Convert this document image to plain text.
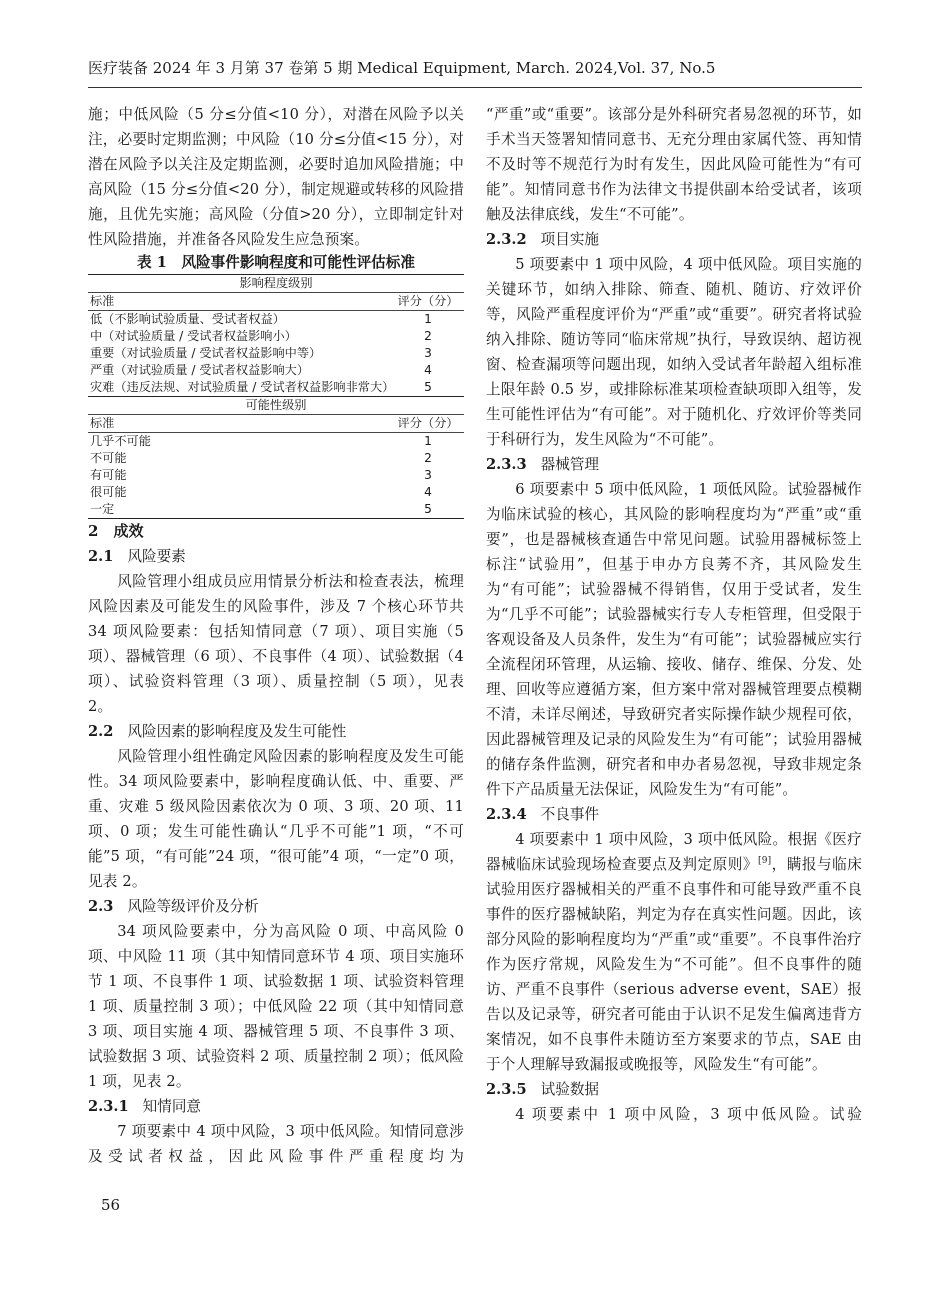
医疗装备 2024 年 3 月第 37 卷第 5 期 Medical Equipment, March. 2024,Vol. 37, No.5

施；中低风险（5 分≤分值<10 分），对潜在风险予以关注，必要时定期监测；中风险（10 分≤分值<15 分），对潜在风险予以关注及定期监测，必要时追加风险措施；中高风险（15 分≤分值<20 分），制定规避或转移的风险措施，且优先实施；高风险（分值>20 分），立即制定针对性风险措施，并准备各风险发生应急预案。

表 1　风险事件影响程度和可能性评估标准

影响程度级别	
标准	评分（分）
低（不影响试验质量、受试者权益）	1
中（对试验质量 / 受试者权益影响小）	2
重要（对试验质量 / 受试者权益影响中等）	3
严重（对试验质量 / 受试者权益影响大）	4
灾难（违反法规、对试验质量 / 受试者权益影响非常大）	5
可能性级别	
标准	评分（分）
几乎不可能	1
不可能	2
有可能	3
很可能	4
一定	5

2　 成效

2.1 风险要素

风险管理小组成员应用情景分析法和检查表法，梳理风险因素及可能发生的风险事件，涉及 7 个核心环节共 34 项风险要素：包括知情同意（7 项）、项目实施（5 项）、器械管理（6 项）、不良事件（4 项）、试验数据（4 项）、试验资料管理（3 项）、质量控制（5 项），见表 2。

2.2 风险因素的影响程度及发生可能性

风险管理小组性确定风险因素的影响程度及发生可能性。34 项风险要素中，影响程度确认低、中、重要、严重、灾难 5 级风险因素依次为 0 项、3 项、20 项、11 项、0 项；发生可能性确认“几乎不可能”1 项，“不可能”5 项，“有可能”24 项，“很可能”4 项，“一定”0 项，见表 2。

2.3 风险等级评价及分析

34 项风险要素中，分为高风险 0 项、中高风险 0 项、中风险 11 项（其中知情同意环节 4 项、项目实施环节 1 项、不良事件 1 项、试验数据 1 项、试验资料管理 1 项、质量控制 3 项）；中低风险 22 项（其中知情同意 3 项、项目实施 4 项、器械管理 5 项、不良事件 3 项、试验数据 3 项、试验资料 2 项、质量控制 2 项）；低风险 1 项，见表 2。

2.3.1 知情同意

7 项要素中 4 项中风险，3 项中低风险。知情同意涉及受试者权益，因此风险事件严重程度均为

“严重”或“重要”。该部分是外科研究者易忽视的环节，如手术当天签署知情同意书、无充分理由家属代签、再知情不及时等不规范行为时有发生，因此风险可能性为“有可能”。知情同意书作为法律文书提供副本给受试者，该项触及法律底线，发生“不可能”。

2.3.2 项目实施

5 项要素中 1 项中风险，4 项中低风险。项目实施的关键环节，如纳入排除、筛查、随机、随访、疗效评价等，风险严重程度评价为“严重”或“重要”。研究者将试验纳入排除、随访等同“临床常规”执行，导致误纳、超访视窗、检查漏项等问题出现，如纳入受试者年龄超入组标准上限年龄 0.5 岁，或排除标准某项检查缺项即入组等，发生可能性评估为“有可能”。对于随机化、疗效评价等类同于科研行为，发生风险为“不可能”。

2.3.3 器械管理

6 项要素中 5 项中低风险，1 项低风险。试验器械作为临床试验的核心，其风险的影响程度均为“严重”或“重要”，也是器械核查通告中常见问题。试验用器械标签上标注“试验用”，但基于申办方良莠不齐，其风险发生为“有可能”；试验器械不得销售，仅用于受试者，发生为“几乎不可能”；试验器械实行专人专柜管理，但受限于客观设备及人员条件，发生为“有可能”；试验器械应实行全流程闭环管理，从运输、接收、储存、维保、分发、处理、回收等应遵循方案，但方案中常对器械管理要点模糊不清，未详尽阐述，导致研究者实际操作缺少规程可依，因此器械管理及记录的风险发生为“有可能”；试验用器械的储存条件监测，研究者和申办者易忽视，导致非规定条件下产品质量无法保证，风险发生为“有可能”。

2.3.4 不良事件

4 项要素中 1 项中风险，3 项中低风险。根据《医疗器械临床试验现场检查要点及判定原则》[9]，瞒报与临床试验用医疗器械相关的严重不良事件和可能导致严重不良事件的医疗器械缺陷，判定为存在真实性问题。因此，该部分风险的影响程度均为“严重”或“重要”。不良事件治疗作为医疗常规，风险发生为“不可能”。但不良事件的随访、严重不良事件（serious adverse event，SAE）报告以及记录等，研究者可能由于认识不足发生偏离违背方案情况，如不良事件未随访至方案要求的节点，SAE 由于个人理解导致漏报或晚报等，风险发生“有可能”。

2.3.5 试验数据

4 项要素中 1 项中风险，3 项中低风险。试验

56
